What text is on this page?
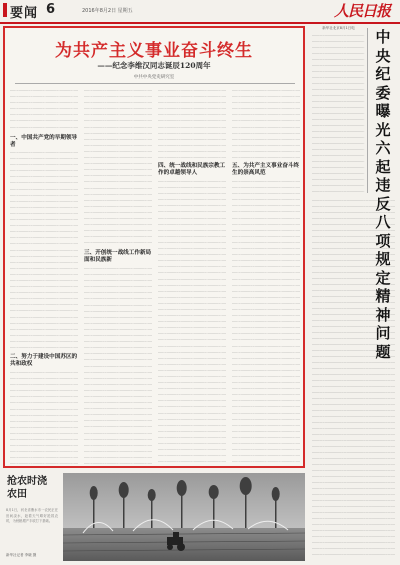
要闻 6	2016年8月2日 星期五	人民日报
为共产主义事业奋斗终生
——纪念李维汉同志诞辰120周年
中共中央党史研究室
·························································································································································································································································································································································································································································
一、中国共产党的早期领导者
·······························································································································································································································································································································································································································································································································································································································································································································································································································································································································································································································································································································································································································································································································································································································································································································································································································································································································································································································································································································································································································································································································································
二、努力于建设中国苏区的共和政权
················································································································································································································································································································································································································································································································································································································································································································································································································································································································································································································································
······································································································································································································································································································································································································································································································································································································································································································································································································································································································································································································································································································································································································································································································································································································································································································································································································································································································
三、开创统一战线工作新局面和民族新
·······························································································································································································································································································································································································································································································································································································································································································································································································································································································································································································································································································································································································································································································································································································································································································································································································································································································································································································································································································································································································································································································································································
····················································································································································································································································································································································································································································································································································································································································································································································································
四、统一战线和民族宗教工作的卓越领导人
·················································································································································································································································································································································································································································································································································································································································································································································································································································································································································································································································································································································································································································································································································································································································································································································································································································································································································································································································································································································································································································································································································································································································································································································································································································································································································································································································································································································································································································································································································································································································································
····················································································································································································································································································································································································································································································································································································································································································································································································
五、为共产主义事业奋斗终生的崇高风范
·················································································································································································································································································································································································································································································································································································································································································································································································································································································································································································································································································································································································································································································································································································································································································································································································································································································································································································································································································································································································································································································································································································································································································································································································································································································································································································································································································································································································································································································································································································································································································
抢农时浇农田
8月1日，河北省衡水市一农民正在田间浇水，趁着天气晴好抢抓农时，为秋粮增产丰收打下基础。
新华社记者 李晓 摄
新华社北京8月1日电
······································································································································································································································································································································································································································································································································································································································································································································································································································································································································································································································································································································································································································································································································································································
中央纪委曝光六起违反八项规定精神问题
····································································································································································································································································································································································································································································································································································································································································································································································································································································································································································································································································································································································································································································································································································································································································································································································································································································································································································································································································································································································································································································································································································································································································································································································································································································································································································································································································································································································································································································································································································································································································································································································································································································································································································································································································································································································································································································································································································································································································································································································································································································································································································································································································································································································································································································································································································································································································································································································································································································································································
